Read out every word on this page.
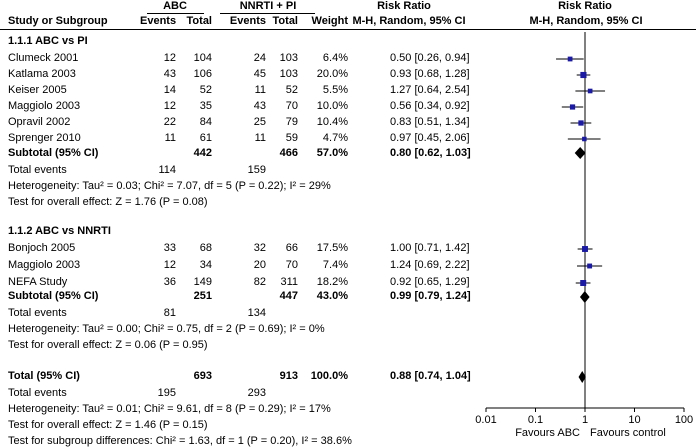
ABC	NNRTI + PI	Risk Ratio	Risk Ratio
Study or Subgroup	Events Total	Events Total	Weight M-H, Random, 95% CI	M-H, Random, 95% CI
1.1.1 ABC vs PI
Clumeck 2001	12	104	24	103	6.4%	0.50 [0.26, 0.94]
Katlama 2003	43	106	45	103	20.0%	0.93 [0.68, 1.28]
Keiser 2005	14	52	11	52	5.5%	1.27 [0.64, 2.54]
Maggiolo 2003	12	35	43	70	10.0%	0.56 [0.34, 0.92]
Opravil 2002	22	84	25	79	10.4%	0.83 [0.51, 1.34]
Sprenger 2010	11	61	11	59	4.7%	0.97 [0.45, 2.06]
Subtotal (95% CI)	442	466	57.0%	0.80 [0.62, 1.03]
Total events	114	159
Heterogeneity: Tau² = 0.03; Chi² = 7.07, df = 5 (P = 0.22); I² = 29%
Test for overall effect: Z = 1.76 (P = 0.08)
1.1.2 ABC vs NNRTI
Bonjoch 2005	33	68	32	66	17.5%	1.00 [0.71, 1.42]
Maggiolo 2003	12	34	20	70	7.4%	1.24 [0.69, 2.22]
NEFA Study	36	149	82	311	18.2%	0.92 [0.65, 1.29]
Subtotal (95% CI)	251	447	43.0%	0.99 [0.79, 1.24]
Total events	81	134
Heterogeneity: Tau² = 0.00; Chi² = 0.75, df = 2 (P = 0.69); I² = 0%
Test for overall effect: Z = 0.06 (P = 0.95)
Total (95% CI)	693	913	100.0%	0.88 [0.74, 1.04]
Total events	195	293
Heterogeneity: Tau² = 0.01; Chi² = 9.61, df = 8 (P = 0.29); I² = 17%
Test for overall effect: Z = 1.46 (P = 0.15)
Test for subgroup differences: Chi² = 1.63, df = 1 (P = 0.20), I² = 38.6%
0.01	0.1	1	10	100
Favours ABC Favours control
